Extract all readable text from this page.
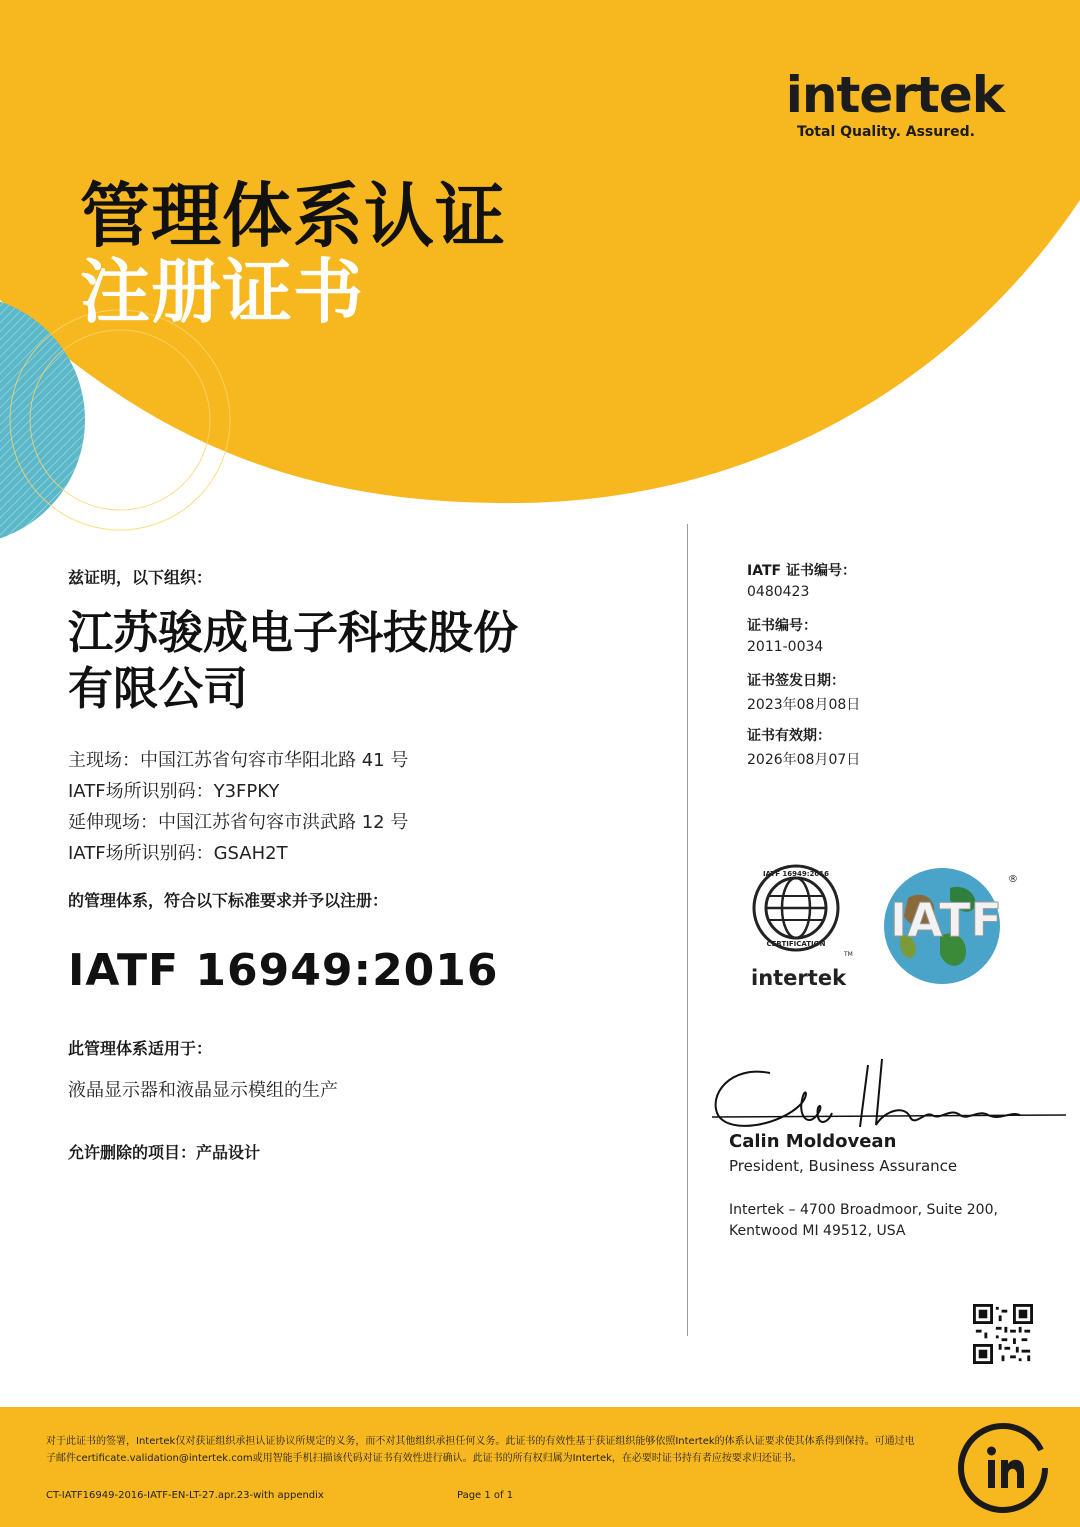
intertek
Total Quality. Assured.
管理体系认证
注册证书
兹证明，以下组织：
江苏骏成电子科技股份
有限公司
主现场：中国江苏省句容市华阳北路 41 号
IATF场所识别码：Y3FPKY
延伸现场：中国江苏省句容市洪武路 12 号
IATF场所识别码：GSAH2T
的管理体系，符合以下标准要求并予以注册：
IATF 16949:2016
此管理体系适用于：
液晶显示器和液晶显示模组的生产
允许删除的项目：产品设计
IATF 证书编号：
0480423
证书编号：
2011-0034
证书签发日期：
2023年08月08日
证书有效期：
2026年08月07日
IATF 16949:2016
CERTIFICATION
TM
intertek
IATF
®
Calin Moldovean
President, Business Assurance
Intertek – 4700 Broadmoor, Suite 200,
Kentwood MI 49512, USA
对于此证书的签署，Intertek仅对获证组织承担认证协议所规定的义务，而不对其他组织承担任何义务。此证书的有效性基于获证组织能够依照Intertek的体系认证要求使其体系得到保持。可通过电子邮件certificate.validation@intertek.com或用智能手机扫描该代码对证书有效性进行确认。此证书的所有权归属为Intertek，在必要时证书持有者应按要求归还证书。
CT-IATF16949-2016-IATF-EN-LT-27.apr.23-with appendix	Page 1 of 1
